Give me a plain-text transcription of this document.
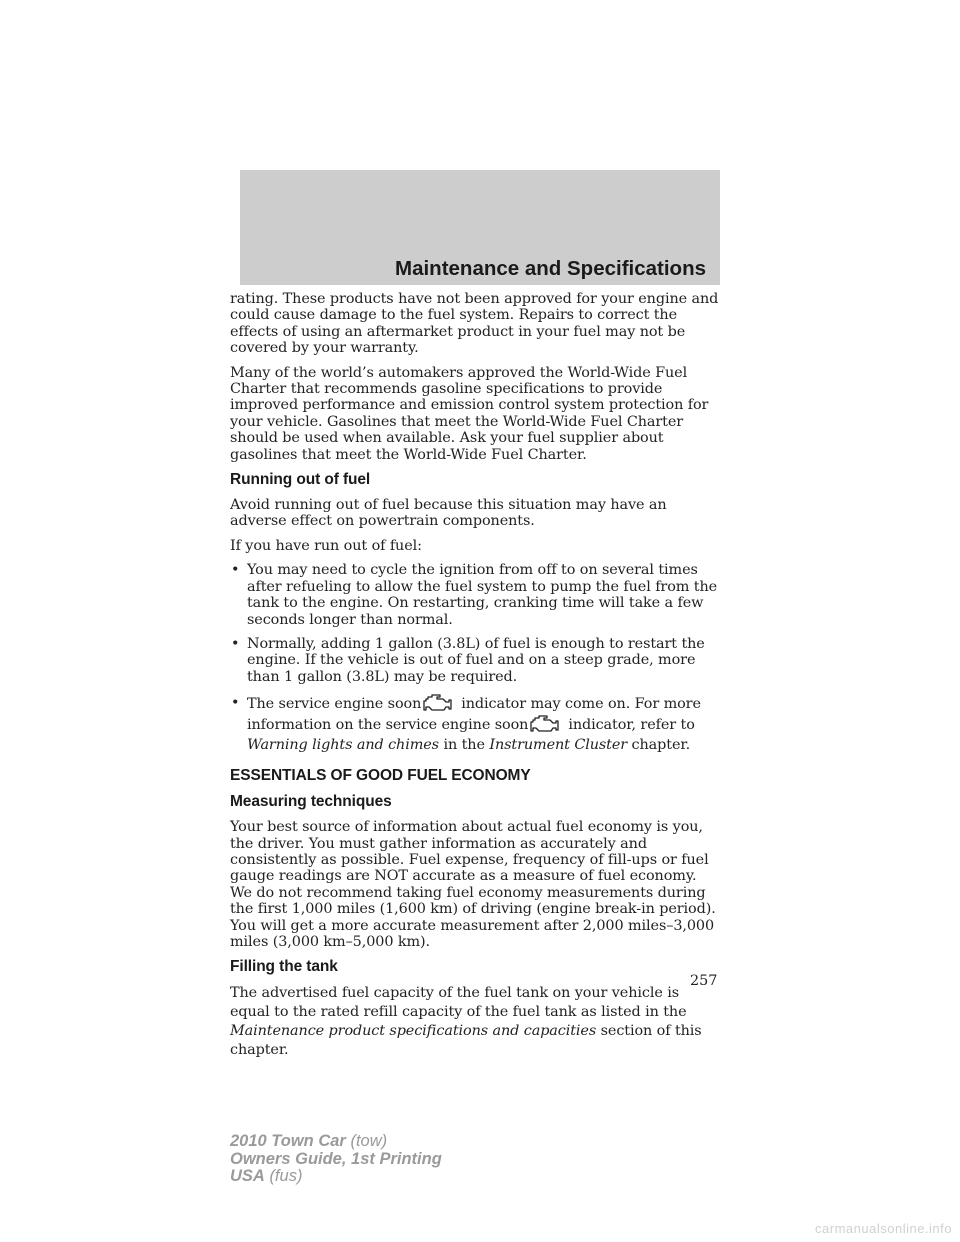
Maintenance and Specifications

rating. These products have not been approved for your engine and could cause damage to the fuel system. Repairs to correct the effects of using an aftermarket product in your fuel may not be covered by your warranty.

Many of the world’s automakers approved the World-Wide Fuel Charter that recommends gasoline specifications to provide improved performance and emission control system protection for your vehicle. Gasolines that meet the World-Wide Fuel Charter should be used when available. Ask your fuel supplier about gasolines that meet the World-Wide Fuel Charter.

Running out of fuel

Avoid running out of fuel because this situation may have an adverse effect on powertrain components.

If you have run out of fuel:

• You may need to cycle the ignition from off to on several times after refueling to allow the fuel system to pump the fuel from the tank to the engine. On restarting, cranking time will take a few seconds longer than normal.
• Normally, adding 1 gallon (3.8L) of fuel is enough to restart the engine. If the vehicle is out of fuel and on a steep grade, more than 1 gallon (3.8L) may be required.
• The service engine soon	indicator may come on. For more information on the service engine soon	indicator, refer to
Warning lights and chimes in the Instrument Cluster chapter.
ESSENTIALS OF GOOD FUEL ECONOMY
Measuring techniques

Your best source of information about actual fuel economy is you, the driver. You must gather information as accurately and consistently as possible. Fuel expense, frequency of fill-ups or fuel gauge readings are NOT accurate as a measure of fuel economy. We do not recommend taking fuel economy measurements during the first 1,000 miles (1,600 km) of driving (engine break-in period). You will get a more accurate measurement after 2,000 miles–3,000 miles (3,000 km–5,000 km).

Filling the tank

The advertised fuel capacity of the fuel tank on your vehicle is equal to the rated refill capacity of the fuel tank as listed in the Maintenance product specifications and capacities section of this chapter.

257
2010 Town Car (tow)
Owners Guide, 1st Printing
USA (fus)
carmanualsonline.info
